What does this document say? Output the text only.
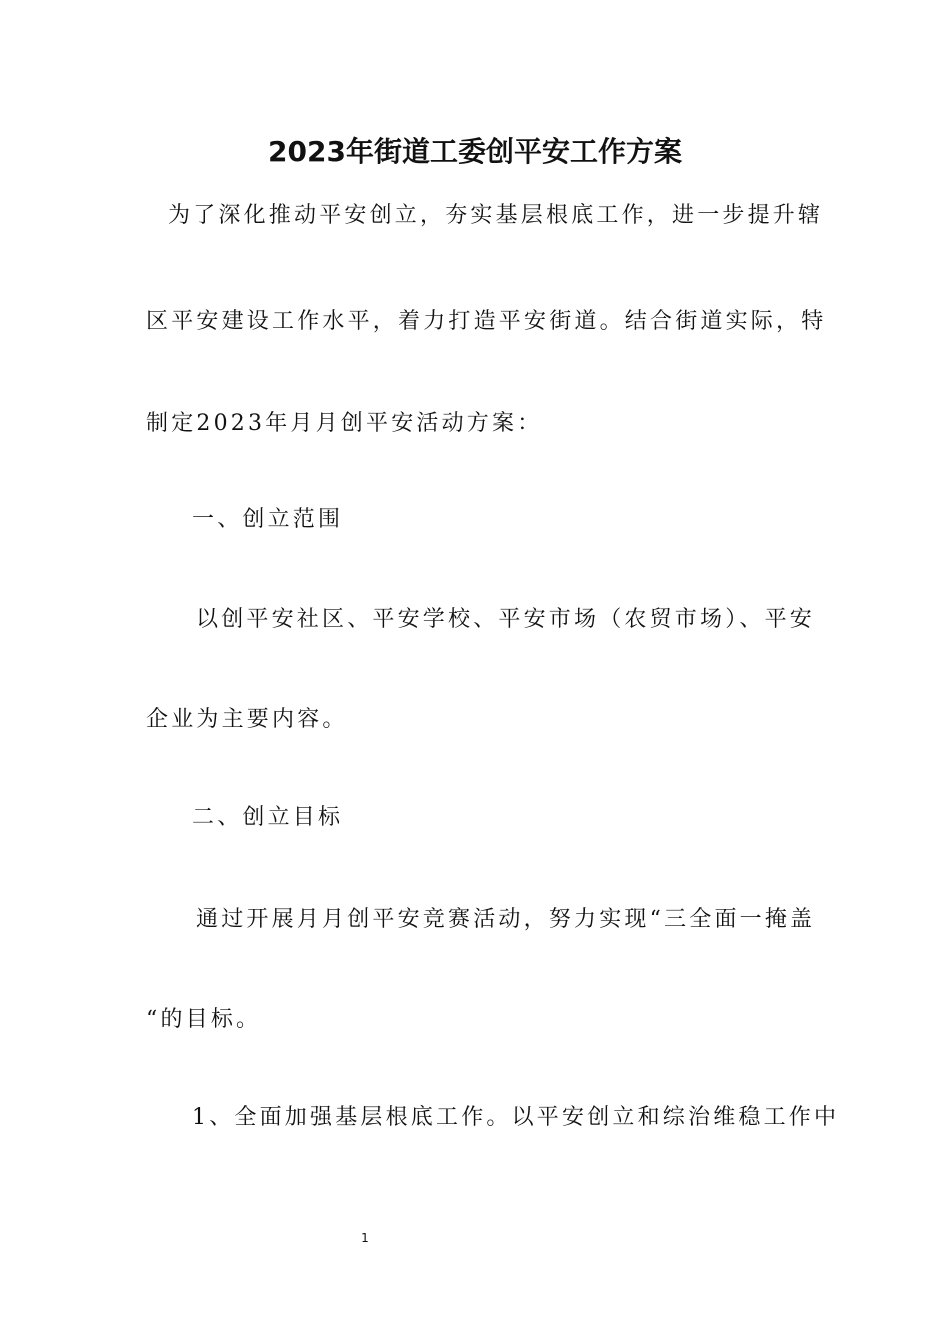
2023年街道工委创平安工作方案
为了深化推动平安创立，夯实基层根底工作，进一步提升辖
区平安建设工作水平，着力打造平安街道。结合街道实际，特
制定2023年月月创平安活动方案：
一、创立范围
以创平安社区、平安学校、平安市场（农贸市场）、平安
企业为主要内容。
二、创立目标
通过开展月月创平安竞赛活动，努力实现“三全面一掩盖
“的目标。
1、全面加强基层根底工作。以平安创立和综治维稳工作中
1
